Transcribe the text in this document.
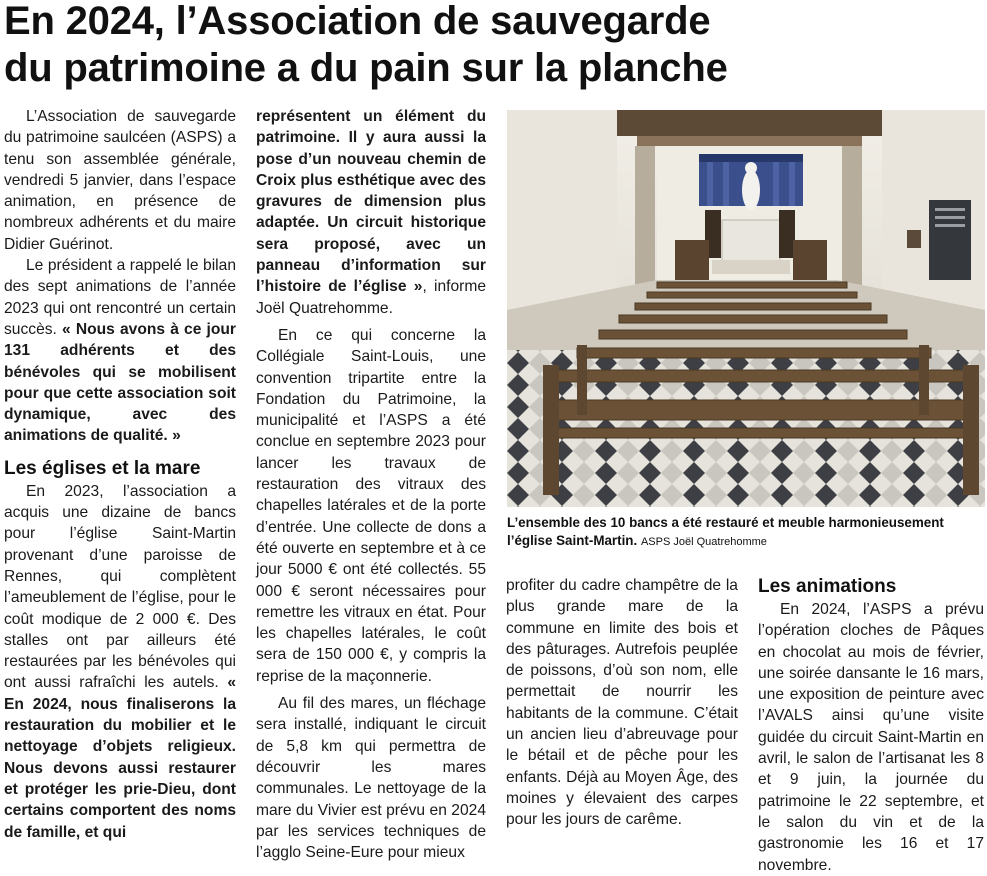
En 2024, l’Association de sauvegarde
du patrimoine a du pain sur la planche

L’Association de sauvegarde du patrimoine saulcéen (ASPS) a tenu son assemblée générale, vendredi 5 janvier, dans l’espace animation, en présence de nombreux adhérents et du maire Didier Guérinot.

Le président a rappelé le bilan des sept animations de l’année 2023 qui ont rencontré un certain succès. « Nous avons à ce jour 131 adhérents et des bénévoles qui se mobilisent pour que cette association soit dynamique, avec des animations de qualité. »

Les églises et la mare

En 2023, l’association a acquis une dizaine de bancs pour l’église Saint-Martin provenant d’une paroisse de Rennes, qui complètent l’ameublement de l’église, pour le coût modique de 2 000 €. Des stalles ont par ailleurs été restaurées par les bénévoles qui ont aussi rafraîchi les autels. « En 2024, nous finaliserons la restauration du mobilier et le nettoyage d’objets religieux. Nous devons aussi restaurer et protéger les prie-Dieu, dont certains comportent des noms de famille, et qui

représentent un élément du patrimoine. Il y aura aussi la pose d’un nouveau chemin de Croix plus esthétique avec des gravures de dimension plus adaptée. Un circuit historique sera proposé, avec un panneau d’information sur l’histoire de l’église », informe Joël Quatrehomme.

En ce qui concerne la Collégiale Saint-Louis, une convention tripartite entre la Fondation du Patrimoine, la municipalité et l’ASPS a été conclue en septembre 2023 pour lancer les travaux de restauration des vitraux des chapelles latérales et de la porte d’entrée. Une collecte de dons a été ouverte en septembre et à ce jour 5000 € ont été collectés. 55 000 € seront nécessaires pour remettre les vitraux en état. Pour les chapelles latérales, le coût sera de 150 000 €, y compris la reprise de la maçonnerie.

Au fil des mares, un fléchage sera installé, indiquant le circuit de 5,8 km qui permettra de découvrir les mares communales. Le nettoyage de la mare du Vivier est prévu en 2024 par les services techniques de l’agglo Seine-Eure pour mieux

L’ensemble des 10 bancs a été restauré et meuble harmonieusement l’église Saint-Martin. ASPS Joël Quatrehomme

profiter du cadre champêtre de la plus grande mare de la commune en limite des bois et des pâturages. Autrefois peuplée de poissons, d’où son nom, elle permettait de nourrir les habitants de la commune. C’était un ancien lieu d’abreuvage pour le bétail et de pêche pour les enfants. Déjà au Moyen Âge, des moines y élevaient des carpes pour les jours de carême.

Les animations

En 2024, l’ASPS a prévu l’opération cloches de Pâques en chocolat au mois de février, une soirée dansante le 16 mars, une exposition de peinture avec l’AVALS ainsi qu’une visite guidée du circuit Saint-Martin en avril, le salon de l’artisanat les 8 et 9 juin, la journée du patrimoine le 22 septembre, et le salon du vin et de la gastronomie les 16 et 17 novembre.
